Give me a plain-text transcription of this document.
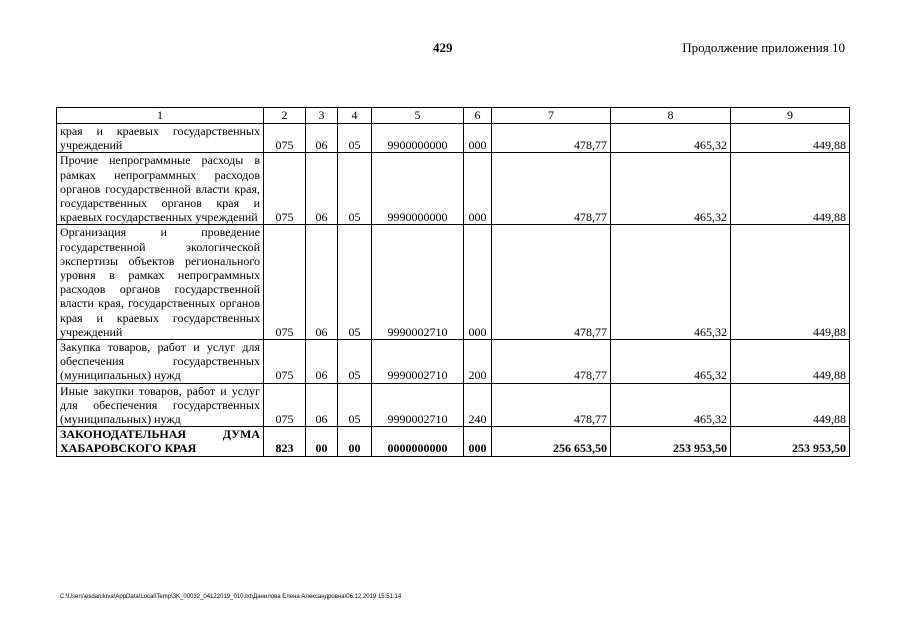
429	Продолжение приложения 10
1	2	3	4	5	6	7	8	9
края и краевых государственных учреждений	075	06	05	9900000000	000	478,77	465,32	449,88
Прочие непрограммные расходы в рамках непрограммных расходов органов государственной власти края, государственных органов края и краевых государственных учреждений	075	06	05	9990000000	000	478,77	465,32	449,88
Организация и проведение государственной экологической экспертизы объектов регионального уровня в рамках непрограммных расходов органов государственной власти края, государственных органов края и краевых государственных учреждений	075	06	05	9990002710	000	478,77	465,32	449,88
Закупка товаров, работ и услуг для обеспечения государственных (муниципальных) нужд	075	06	05	9990002710	200	478,77	465,32	449,88
Иные закупки товаров, работ и услуг для обеспечения государственных (муниципальных) нужд	075	06	05	9990002710	240	478,77	465,32	449,88
ЗАКОНОДАТЕЛЬНАЯ ДУМА ХАБАРОВСКОГО КРАЯ	823	00	00	0000000000	000	256 653,50	253 953,50	253 953,50
C:\Users\esdanilova\AppData\Local\Temp\3K_00032_04122019_010.txt\Данилова Елена Александровна\06.12.2019 15:51:14
